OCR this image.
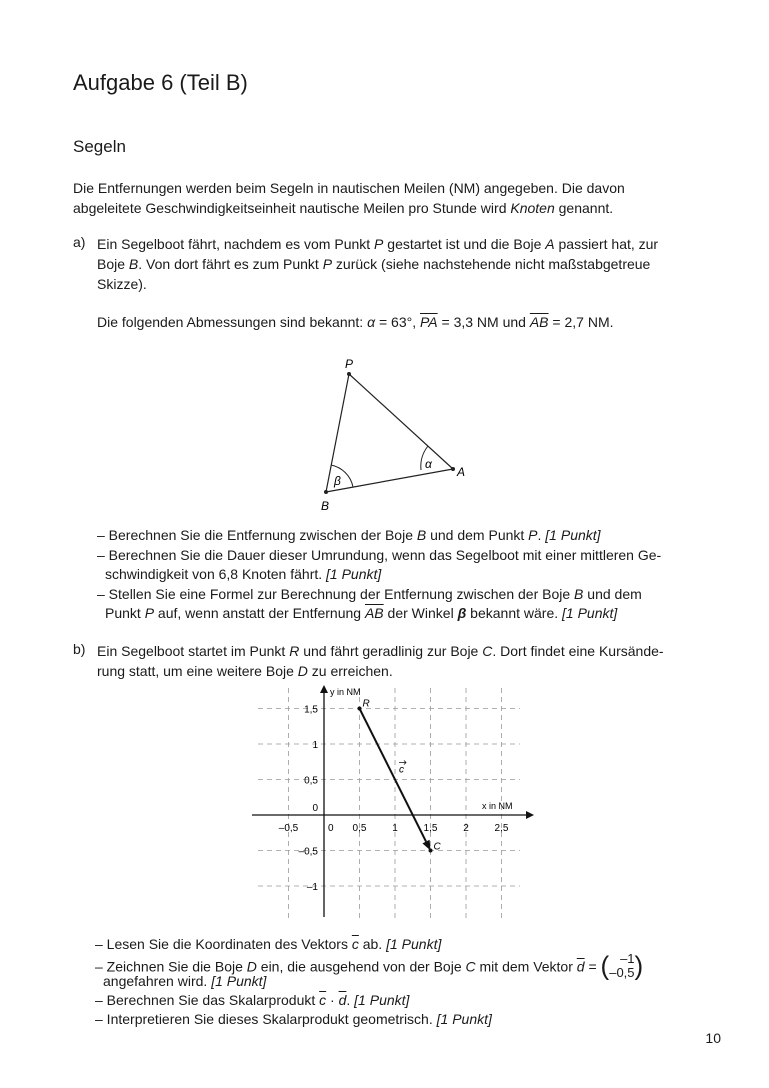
Aufgabe 6 (Teil B)
Segeln
Die Entfernungen werden beim Segeln in nautischen Meilen (NM) angegeben. Die davon
abgeleitete Geschwindigkeitseinheit nautische Meilen pro Stunde wird Knoten genannt.
a) Ein Segelboot fährt, nachdem es vom Punkt P gestartet ist und die Boje A passiert hat, zur
Boje B. Von dort fährt es zum Punkt P zurück (siehe nachstehende nicht maßstabgetreue
Skizze).
Die folgenden Abmessungen sind bekannt: α = 63°, $\overline{PA} = 3,3$ NM und $\overline{AB} = 2,7$ NM.
P
A
B
α
β
– Berechnen Sie die Entfernung zwischen der Boje B und dem Punkt P. [1 Punkt]
– Berechnen Sie die Dauer dieser Umrundung, wenn das Segelboot mit einer mittleren Ge-
schwindigkeit von 6,8 Knoten fährt. [1 Punkt]
– Stellen Sie eine Formel zur Berechnung der Entfernung zwischen der Boje B und dem
Punkt P auf, wenn anstatt der Entfernung $\overline{AB}$ der Winkel β bekannt wäre. [1 Punkt]
b) Ein Segelboot startet im Punkt R und fährt geradlinig zur Boje C. Dort findet eine Kursände-
rung statt, um eine weitere Boje D zu erreichen.
y in NM
x in NM
–0,5	0 0,5	1	1,5	2	2,5
1,5
1
0,5
0
–0,5
–1
R
C
c
– Lesen Sie die Koordinaten des Vektors $\overline{c}$ ab. [1 Punkt]
– Zeichnen Sie die Boje D ein, die ausgehend von der Boje C mit dem Vektor $\overline{d}$ = ( –1
–0,5 )
angefahren wird. [1 Punkt]
– Berechnen Sie das Skalarprodukt $\overline{c} \cdot \overline{d}$. [1 Punkt]
– Interpretieren Sie dieses Skalarprodukt geometrisch. [1 Punkt]
10
